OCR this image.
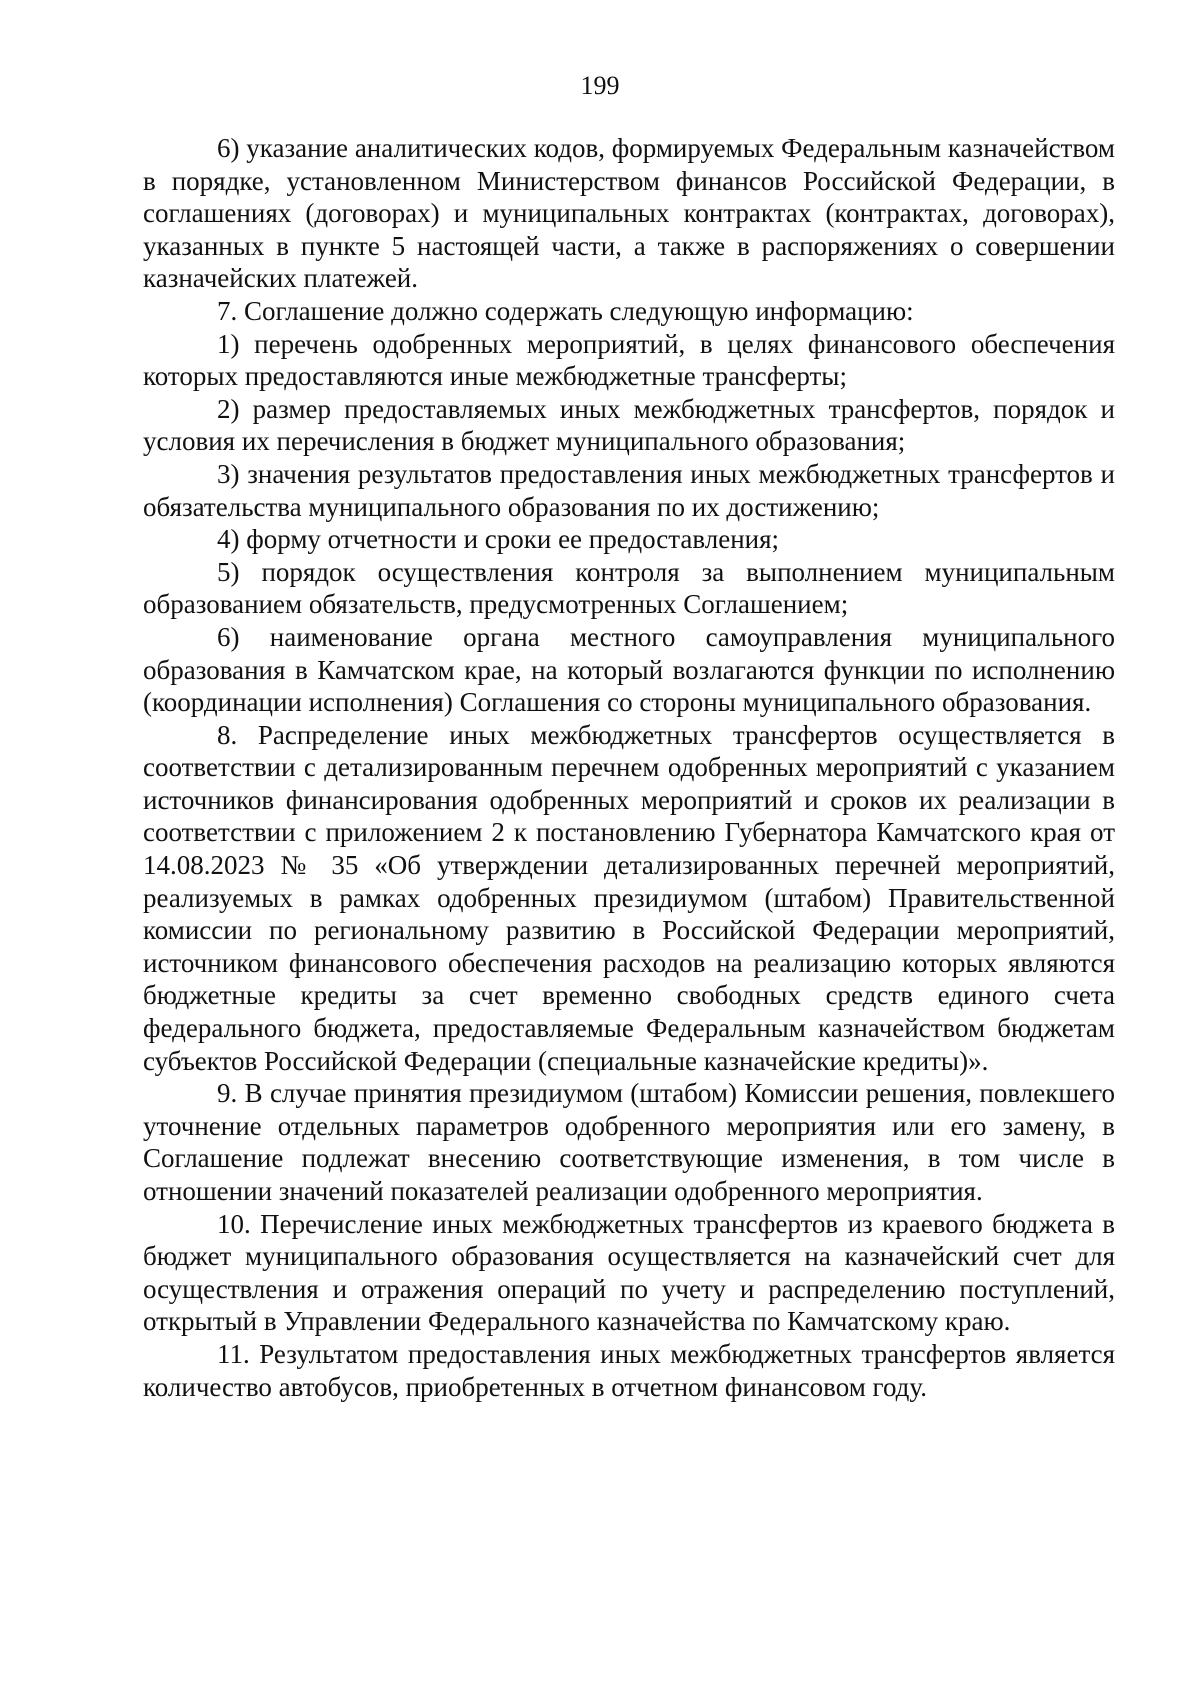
199

6) указание аналитических кодов, формируемых Федеральным казначейством в порядке, установленном Министерством финансов Российской Федерации, в соглашениях (договорах) и муниципальных контрактах (контрактах, договорах), указанных в пункте 5 настоящей части, а также в распоряжениях о совершении казначейских платежей.

7. Соглашение должно содержать следующую информацию:

1) перечень одобренных мероприятий, в целях финансового обеспечения которых предоставляются иные межбюджетные трансферты;

2) размер предоставляемых иных межбюджетных трансфертов, порядок и условия их перечисления в бюджет муниципального образования;

3) значения результатов предоставления иных межбюджетных трансфертов и обязательства муниципального образования по их достижению;

4) форму отчетности и сроки ее предоставления;

5) порядок осуществления контроля за выполнением муниципальным образованием обязательств, предусмотренных Соглашением;

6) наименование органа местного самоуправления муниципального образования в Камчатском крае, на который возлагаются функции по исполнению (координации исполнения) Соглашения со стороны муниципального образования.

8. Распределение иных межбюджетных трансфертов осуществляется в соответствии с детализированным перечнем одобренных мероприятий с указанием источников финансирования одобренных мероприятий и сроков их реализации в соответствии с приложением 2 к постановлению Губернатора Камчатского края от 14.08.2023 № 35 «Об утверждении детализированных перечней мероприятий, реализуемых в рамках одобренных президиумом (штабом) Правительственной комиссии по региональному развитию в Российской Федерации мероприятий, источником финансового обеспечения расходов на реализацию которых являются бюджетные кредиты за счет временно свободных средств единого счета федерального бюджета, предоставляемые Федеральным казначейством бюджетам субъектов Российской Федерации (специальные казначейские кредиты)».

9. В случае принятия президиумом (штабом) Комиссии решения, повлекшего уточнение отдельных параметров одобренного мероприятия или его замену, в Соглашение подлежат внесению соответствующие изменения, в том числе в отношении значений показателей реализации одобренного мероприятия.

10. Перечисление иных межбюджетных трансфертов из краевого бюджета в бюджет муниципального образования осуществляется на казначейский счет для осуществления и отражения операций по учету и распределению поступлений, открытый в Управлении Федерального казначейства по Камчатскому краю.

11. Результатом предоставления иных межбюджетных трансфертов является количество автобусов, приобретенных в отчетном финансовом году.
